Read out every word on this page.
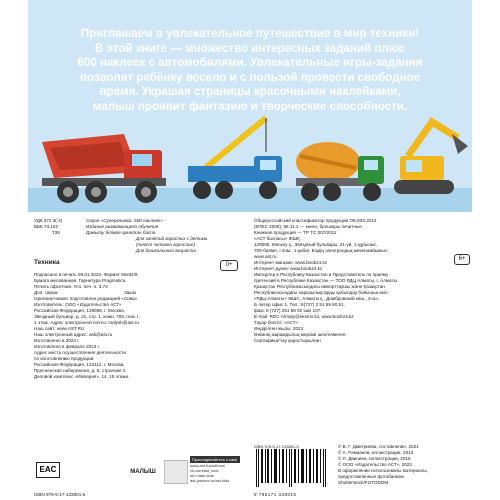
Приглашаем в увлекательное путешествие в мир техники!
В этой книге — множество интересных заданий плюс
600 наклеек с автомобилями. Увлекательные игры-задания
позволят ребёнку весело и с пользой провести свободное
время. Украшая страницы красочными наклейками,
малыш проявит фантазию и творческие способности.
УДК 372.3(.4)
ББК 74.102
Т36
Серия «Суперкнижка. 600 наклеек»
Издание развивающего обучения
Дамыту білімге арналған баспа
Для занятий взрослых с детьми
(текст читают взрослые)
Для дошкольного возраста
Техника	0+
Подписано в печать 09.01.2023. Формат 60х84/8
Бумага мелованная. Гарнитура Pragmatica
Печать офсетная. Усл. печ. л. 3,72
Доп. тираж	Заказ
Оригинал-макет подготовлен редакцией «Сова»
Изготовитель: ООО «Издательство АСТ»
Российская Федерация, 129085, г. Москва,
Звездный бульвар, д. 21, стр. 1, комн. 705, пом. I,
1 этаж. Адрес электронной почты: malysh@ast.ru
Наш сайт: www.AST.RU
Наш электронный адрес: ask@ast.ru
Изготовлено в 2023 г.
Изготовлено в феврале 2023 г.
Адрес места осуществления деятельности
по изготовлению продукции:
Российская Федерация, 123112, г. Москва,
Пресненская набережная, д. 6, строение 2.
Деловой комплекс «Империя», 14, 15 этажи.
Общероссийский классификатор продукции ОК-034-2014
(КПЕС 2008); 58.11.1 — книги, брошюры печатные.
Книжная продукция — ТР ТС 007/2011
«АСТ баспасы» ЖШҚ
129085, Мәскеу қ., Звёздный бульвары, 21-үй, 1-құрылыс,
705-бөлме, I пом., 1-қабат, Біздің электрондық мекенжайымыз:
www.ast.ru
Интернет-магазин: www.book24.kz
Интернет-дүкен: www.book24.kz
Импортер в Республику Казахстан и Представитель по приему
претензий в Республике Казахстан — ТОО РДЦ Алматы, г. Алматы.
Қазақстан Республикасындағы импорттаушы және Қазақстан
Республикасындағы наразылықтарды қабылдау бойынша өкіл
«РДЦ-Алматы» ЖШС, Алматы қ., Домбровский көш., 3«а»,
Б литер офис 1. Тел.: 8(727) 2 51 59 90,91,
факс 8 (727) 251 59 92 ішкі 107.
E-mail: RDC-Almaty@eksmo.kz, www.book24.kz
Тауар белгісі: «АСТ»
Өндірілген жылы: 2023
Өнімнің жарамдылық мерзімі шектелмеген.
Сертификаттау қарастырылған
6+
EAC
Присоединяйтесь к нам!
www.ast.ru/authors/
vk.com/ast_kids
ok.ru/ast.kids
ast-yandex.ru/ast-kids
МАЛЫШ
ISBN 978-5-17-133801-5
ISBN 978-5-17-133801-5
9 785171 338015
© В. Г. Дмитриева, составление, 2021
© А. Рахманов, иллюстрации, 2013
© Л. Двинина, иллюстрации, 2016
© ООО «Издательство АСТ», 2023
В оформлении использованы материалы,
предоставленные фотобанком
Shutterstock/FOTODOM
